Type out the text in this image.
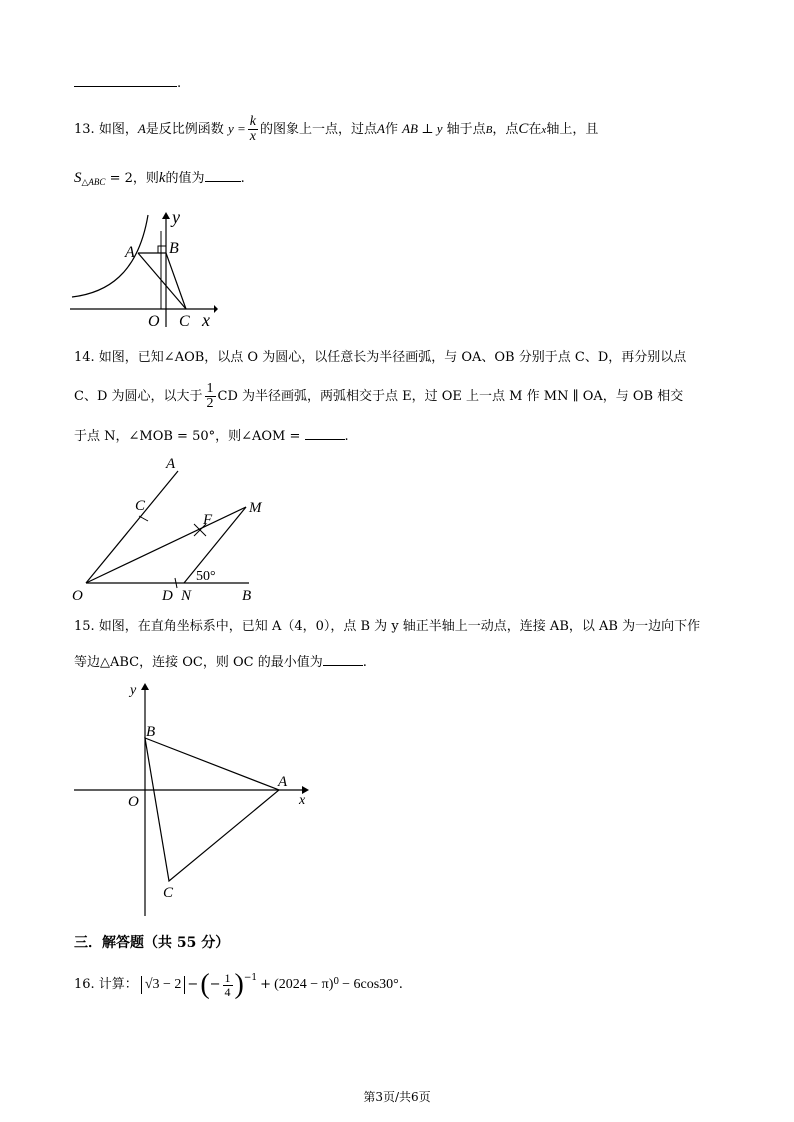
.
13. 如图，A是反比例函数 $y = \frac{k}{x}$ 的图象上一点，过点A作 AB ⊥ y 轴于点B，点C在x轴上，且
$S_{\triangle ABC} = 2$，则k的值为	.
y
A B
O C x
14. 如图，已知∠AOB，以点 O 为圆心，以任意长为半径画弧，与 OA、OB 分别于点 C、D，再分别以点
C、D 为圆心，以大于 $\frac{1}{2}$ CD 为半径画弧，两弧相交于点 E，过 OE 上一点 M 作 MN ∥ OA，与 OB 相交
于点 N，∠MOB = 50°，则∠AOM =	.
A
C
F
M
50°
O	D N	B
15. 如图，在直角坐标系中，已知 A（4，0），点 B 为 y 轴正半轴上一动点，连接 AB，以 AB 为一边向下作
等边△ABC，连接 OC，则 OC 的最小值为	.
y
B
A
O	x
C
三．解答题（共 55 分）
16. 计算： √3 − 2 − ( − $\frac{1}{4}$ ) −1 + (2024 − π) 0 − 6cos30° .
第3页/共6页
